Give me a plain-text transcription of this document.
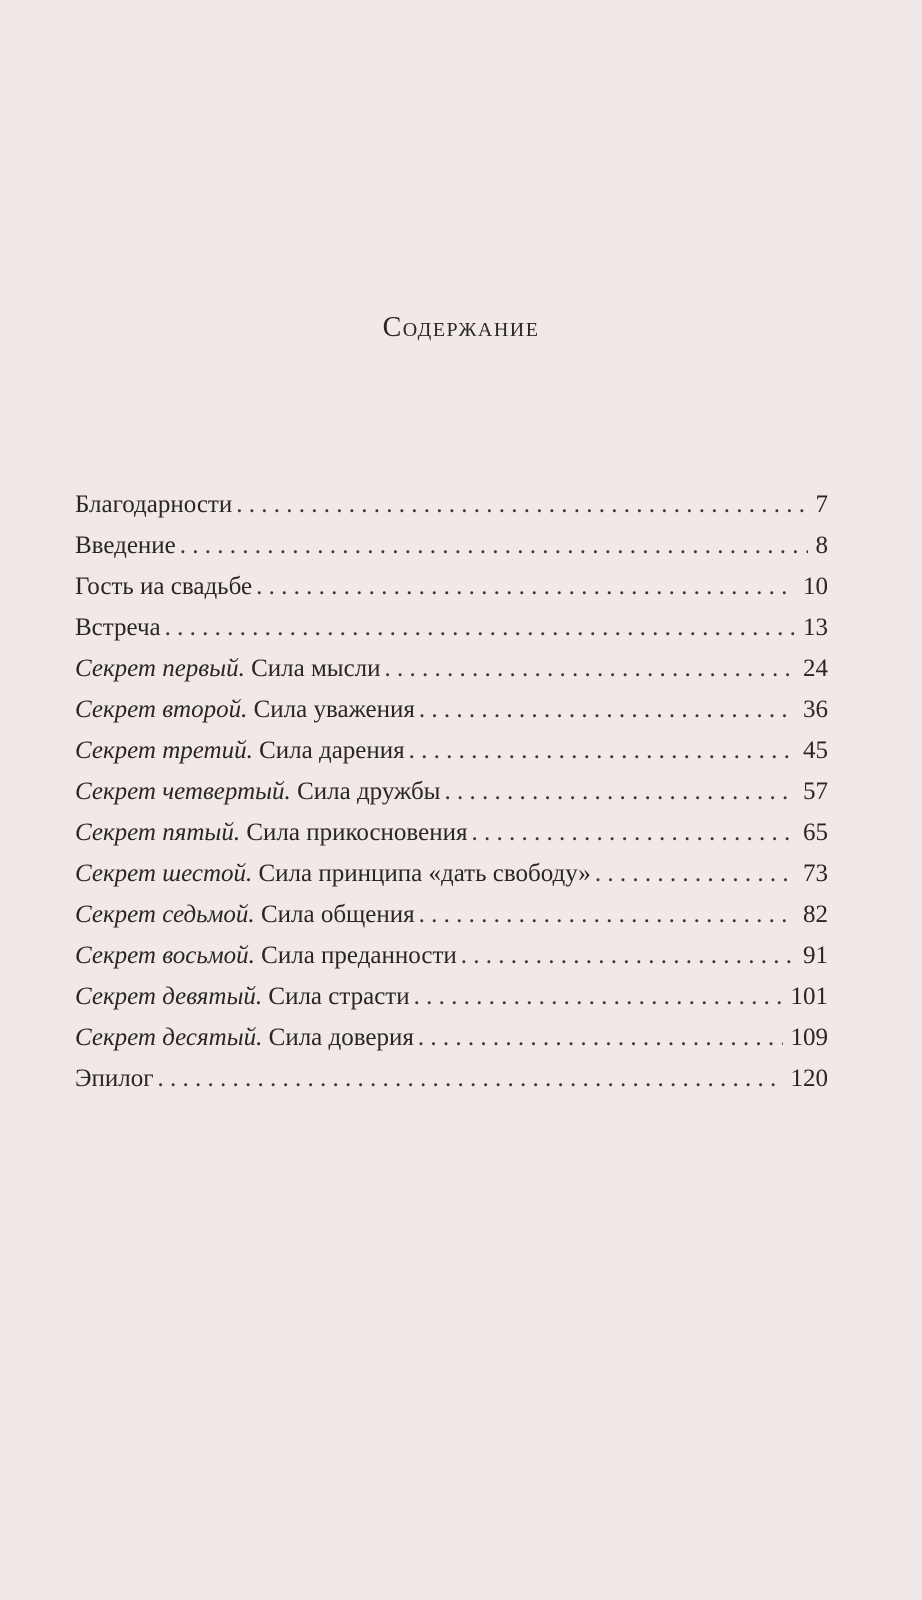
Содержание
Благодарности . . .	7
Введение . . .	8
Гость иа свадьбе . . .	10
Встреча . . .	13
Секрет первый. Сила мысли . . .	24
Секрет второй. Сила уважения . . .	36
Секрет третий. Сила дарения . . .	45
Секрет четвертый. Сила дружбы . . .	57
Секрет пятый. Сила прикосновения . . .	65
Секрет шестой. Сила принципа «дать свободу» . . .	73
Секрет седьмой. Сила общения . . .	82
Секрет восьмой. Сила преданности . . .	91
Секрет девятый. Сила страсти . . .	101
Секрет десятый. Сила доверия . . .	109
Эпилог . . .	120
